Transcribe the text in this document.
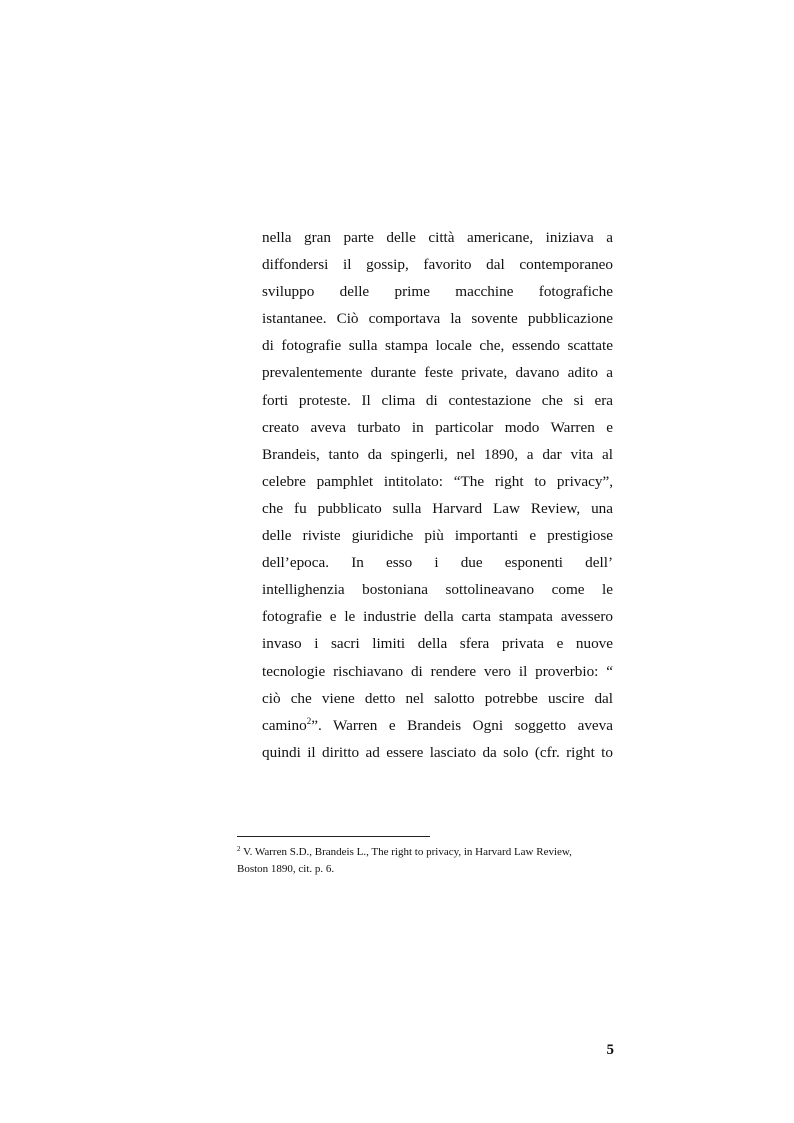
nella gran parte delle città americane, iniziava a
diffondersi il gossip, favorito dal contemporaneo
sviluppo delle prime macchine fotografiche
istantanee. Ciò comportava la sovente pubblicazione
di fotografie sulla stampa locale che, essendo scattate
prevalentemente durante feste private, davano adito a
forti proteste. Il clima di contestazione che si era
creato aveva turbato in particolar modo Warren e
Brandeis, tanto da spingerli, nel 1890, a dar vita al
celebre pamphlet intitolato: “The right to privacy”,
che fu pubblicato sulla Harvard Law Review, una
delle riviste giuridiche più importanti e prestigiose
dell’epoca. In esso i due esponenti dell’
intellighenzia bostoniana sottolineavano come le
fotografie e le industrie della carta stampata avessero
invaso i sacri limiti della sfera privata e nuove
tecnologie rischiavano di rendere vero il proverbio: “
ciò che viene detto nel salotto potrebbe uscire dal
camino$^2$”. Warren e Brandeis Ogni soggetto aveva
quindi il diritto ad essere lasciato da solo (cfr. right to
$^2$ V. Warren S.D., Brandeis L., The right to privacy, in Harvard Law Review,
Boston 1890, cit. p. 6.
5
